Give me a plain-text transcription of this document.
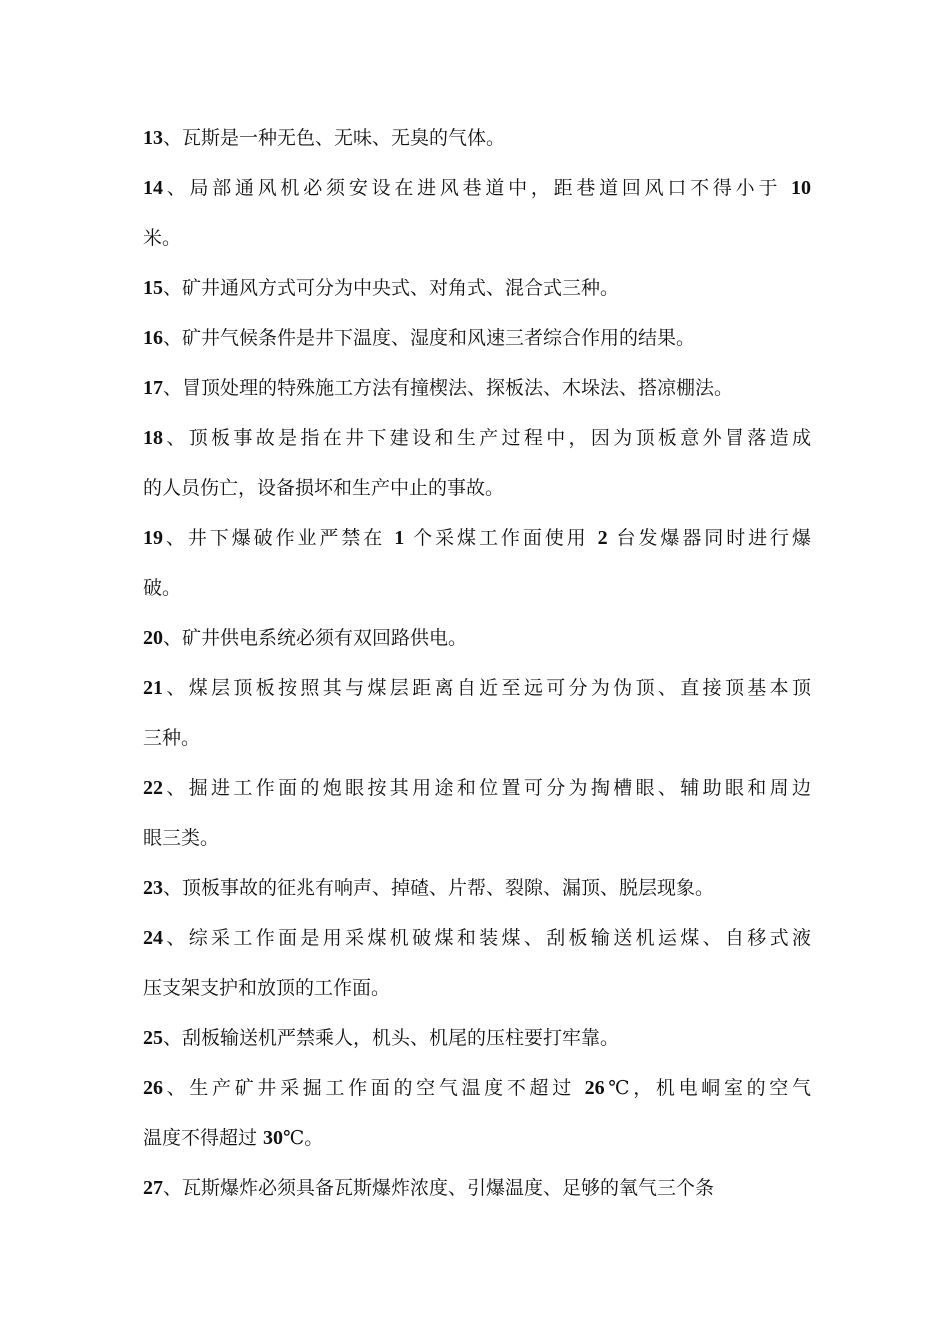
13、瓦斯是一种无色、无味、无臭的气体。
14、局部通风机必须安设在进风巷道中，距巷道回风口不得小于 10
米。
15、矿井通风方式可分为中央式、对角式、混合式三种。
16、矿井气候条件是井下温度、湿度和风速三者综合作用的结果。
17、冒顶处理的特殊施工方法有撞楔法、探板法、木垛法、搭凉棚法。
18、顶板事故是指在井下建设和生产过程中，因为顶板意外冒落造成
的人员伤亡，设备损坏和生产中止的事故。
19、井下爆破作业严禁在 1 个采煤工作面使用 2 台发爆器同时进行爆
破。
20、矿井供电系统必须有双回路供电。
21、煤层顶板按照其与煤层距离自近至远可分为伪顶、直接顶基本顶
三种。
22、掘进工作面的炮眼按其用途和位置可分为掏槽眼、辅助眼和周边
眼三类。
23、顶板事故的征兆有响声、掉碴、片帮、裂隙、漏顶、脱层现象。
24、综采工作面是用采煤机破煤和装煤、刮板输送机运煤、自移式液
压支架支护和放顶的工作面。
25、刮板输送机严禁乘人，机头、机尾的压柱要打牢靠。
26、生产矿井采掘工作面的空气温度不超过 26℃，机电峒室的空气
温度不得超过 30℃。
27、瓦斯爆炸必须具备瓦斯爆炸浓度、引爆温度、足够的氧气三个条
